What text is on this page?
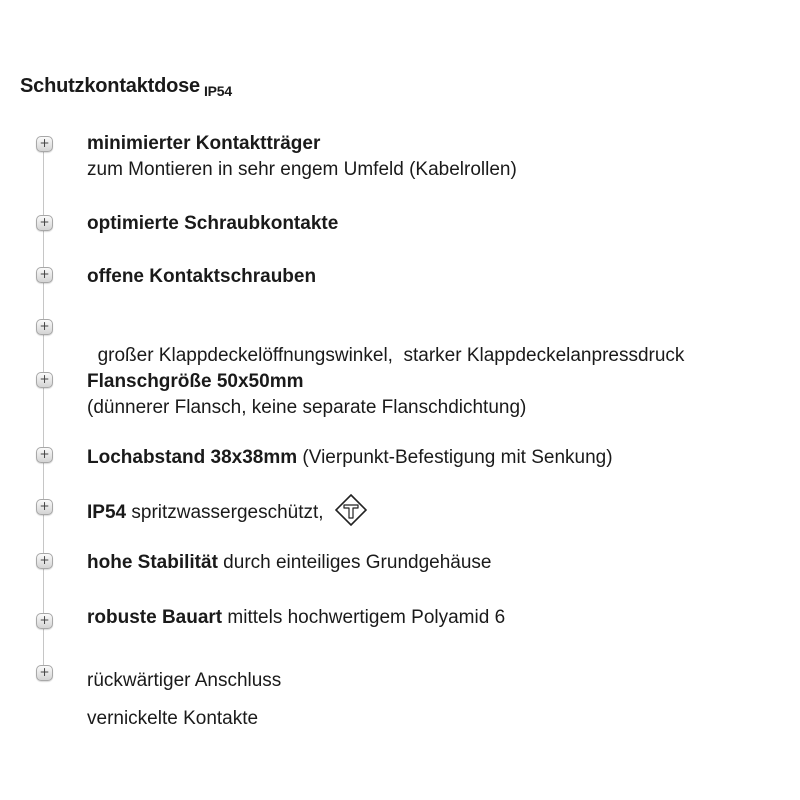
Schutzkontaktdose $_{IP54}$
+ minimierter Kontaktträger
zum Montieren in sehr engem Umfeld (Kabelrollen)
+ optimierte Schraubkontakte
+ offene Kontaktschrauben
+

großer Klappdeckelöffnungswinkel,  starker Klappdeckelanpressdruck

+ Flanschgröße 50x50mm
(dünnerer Flansch, keine separate Flanschdichtung)
+ Lochabstand 38x38mm (Vierpunkt-Befestigung mit Senkung)
+ IP54 spritzwassergeschützt,
+ hohe Stabilität durch einteiliges Grundgehäuse
+ robuste Bauart mittels hochwertigem Polyamid 6
+ rückwärtiger Anschluss
vernickelte Kontakte
